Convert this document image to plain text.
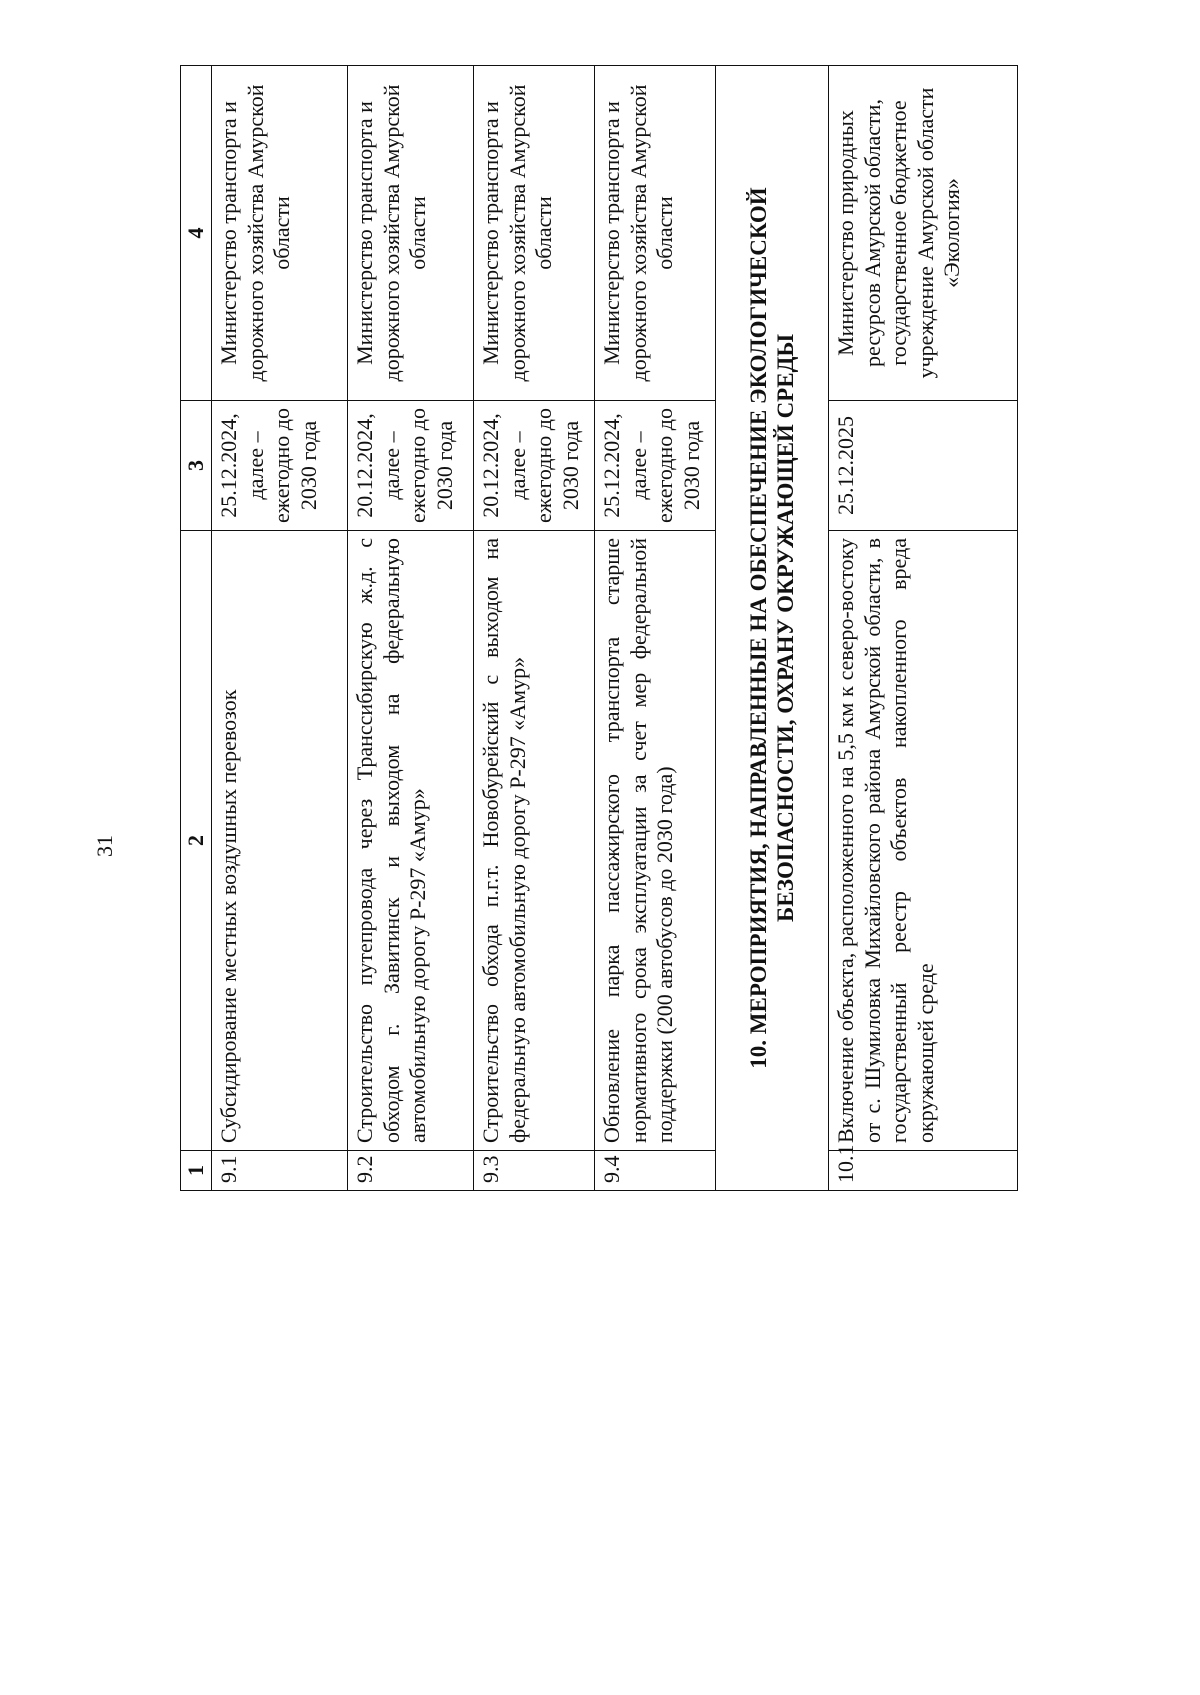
31
1	2	3	4
9.1	Субсидирование местных воздушных перевозок	25.12.2024, далее – ежегодно до 2030 года	Министерство транспорта и дорожного хозяйства Амурской области
9.2	Строительство путепровода через Транссибирскую ж.д. с обходом г. Завитинск и выходом на федеральную автомобильную дорогу Р-297 «Амур»	20.12.2024, далее – ежегодно до 2030 года	Министерство транспорта и дорожного хозяйства Амурской области
9.3	Строительство обхода п.г.т. Новобурейский с выходом на федеральную автомобильную дорогу Р-297 «Амур»	20.12.2024, далее – ежегодно до 2030 года	Министерство транспорта и дорожного хозяйства Амурской области
9.4	Обновление парка пассажирского транспорта старше нормативного срока эксплуатации за счет мер федеральной поддержки (200 автобусов до 2030 года)	25.12.2024, далее – ежегодно до 2030 года	Министерство транспорта и дорожного хозяйства Амурской области
10. МЕРОПРИЯТИЯ, НАПРАВЛЕННЫЕ НА ОБЕСПЕЧЕНИЕ ЭКОЛОГИЧЕСКОЙ БЕЗОПАСНОСТИ, ОХРАНУ ОКРУЖАЮЩЕЙ СРЕДЫ			
10.1	Включение объекта, расположенного на 5,5 км к северо-востоку от с. Шумиловка Михайловского района Амурской области, в государственный реестр объектов накопленного вреда окружающей среде	25.12.2025	Министерство природных ресурсов Амурской области, государственное бюджетное учреждение Амурской области «Экология»
